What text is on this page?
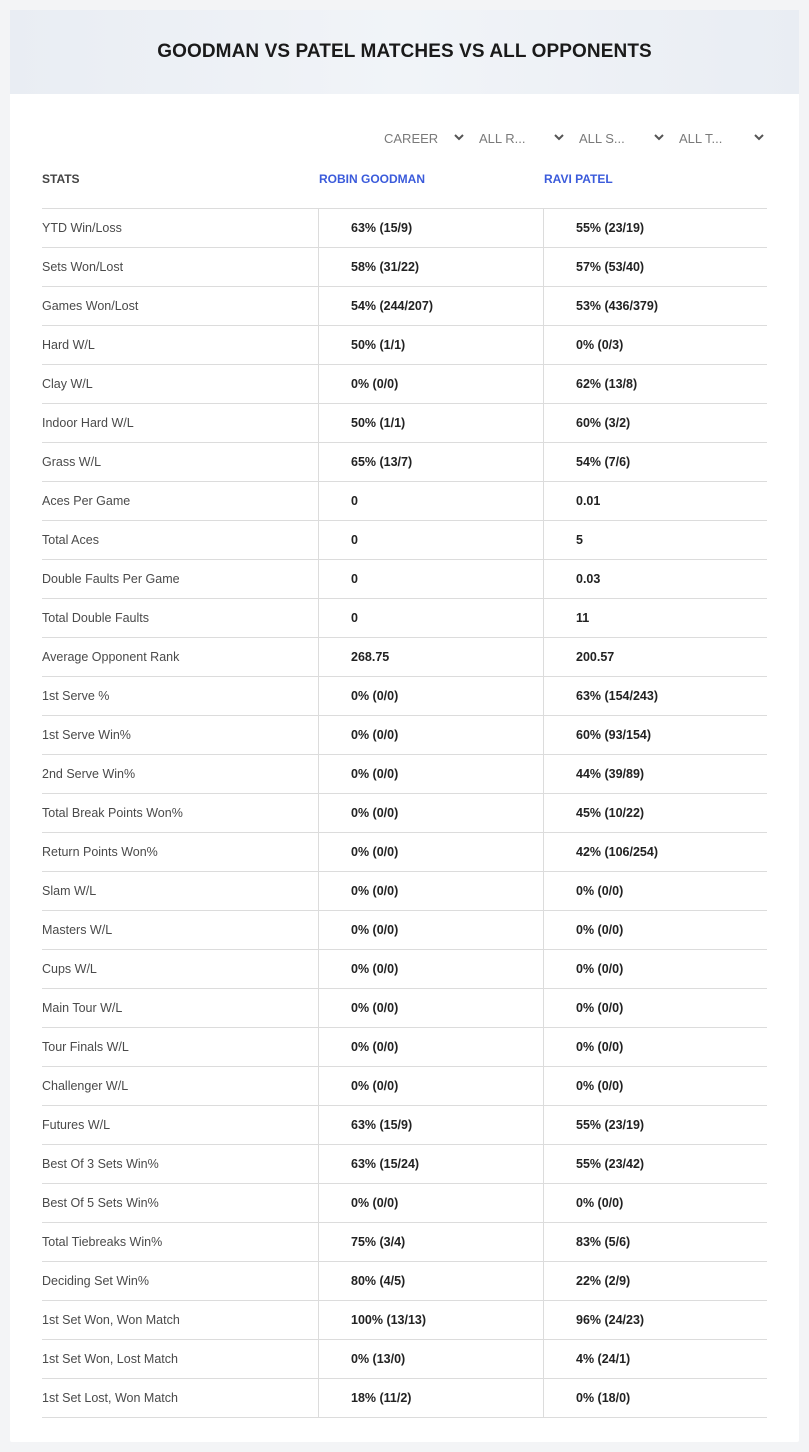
GOODMAN VS PATEL MATCHES VS ALL OPPONENTS
CAREER	ALL R...	ALL S...	ALL T...
STATS	ROBIN GOODMAN	RAVI PATEL
YTD Win/Loss	63% (15/9)	55% (23/19)
Sets Won/Lost	58% (31/22)	57% (53/40)
Games Won/Lost	54% (244/207)	53% (436/379)
Hard W/L	50% (1/1)	0% (0/3)
Clay W/L	0% (0/0)	62% (13/8)
Indoor Hard W/L	50% (1/1)	60% (3/2)
Grass W/L	65% (13/7)	54% (7/6)
Aces Per Game	0	0.01
Total Aces	0	5
Double Faults Per Game	0	0.03
Total Double Faults	0	11
Average Opponent Rank	268.75	200.57
1st Serve %	0% (0/0)	63% (154/243)
1st Serve Win%	0% (0/0)	60% (93/154)
2nd Serve Win%	0% (0/0)	44% (39/89)
Total Break Points Won%	0% (0/0)	45% (10/22)
Return Points Won%	0% (0/0)	42% (106/254)
Slam W/L	0% (0/0)	0% (0/0)
Masters W/L	0% (0/0)	0% (0/0)
Cups W/L	0% (0/0)	0% (0/0)
Main Tour W/L	0% (0/0)	0% (0/0)
Tour Finals W/L	0% (0/0)	0% (0/0)
Challenger W/L	0% (0/0)	0% (0/0)
Futures W/L	63% (15/9)	55% (23/19)
Best Of 3 Sets Win%	63% (15/24)	55% (23/42)
Best Of 5 Sets Win%	0% (0/0)	0% (0/0)
Total Tiebreaks Win%	75% (3/4)	83% (5/6)
Deciding Set Win%	80% (4/5)	22% (2/9)
1st Set Won, Won Match	100% (13/13)	96% (24/23)
1st Set Won, Lost Match	0% (13/0)	4% (24/1)
1st Set Lost, Won Match	18% (11/2)	0% (18/0)
